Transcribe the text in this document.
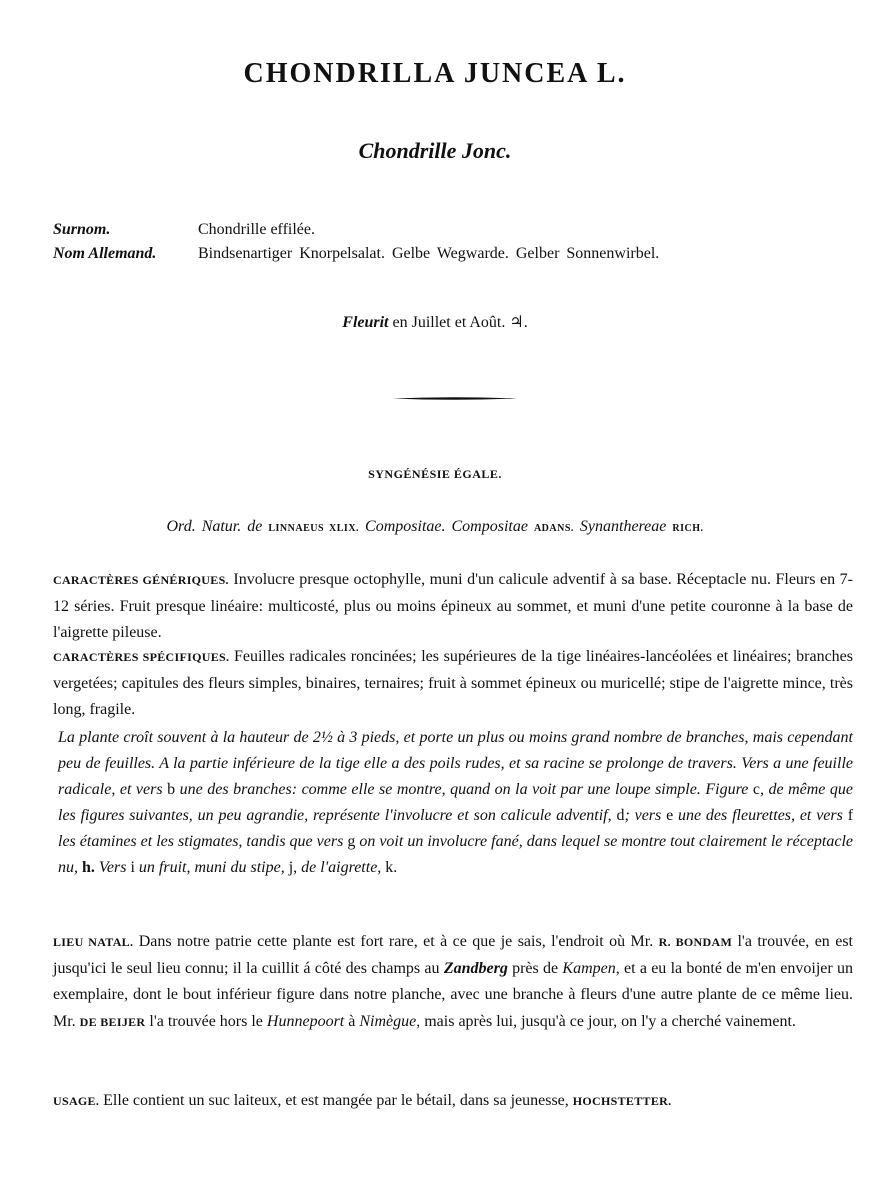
CHONDRILLA JUNCEA L.
Chondrille Jonc.
Surnom.	Chondrille effilée.
Nom Allemand.	Bindsenartiger Knorpelsalat. Gelbe Wegwarde. Gelber Sonnenwirbel.
Fleurit en Juillet et Août. ♃.
SYNGÉNÉSIE ÉGALE.
Ord. Natur. de LINNAEUS XLIX. Compositae. Compositae ADANS. Synanthereae RICH.
CARACTÈRES GÉNÉRIQUES. Involucre presque octophylle, muni d'un calicule adventif à sa base. Réceptacle nu. Fleurs en 7-12 séries. Fruit presque linéaire: multicosté, plus ou moins épineux au sommet, et muni d'une petite couronne à la base de l'aigrette pileuse.
CARACTÈRES SPÉCIFIQUES. Feuilles radicales roncinées; les supérieures de la tige linéaires-lancéolées et linéaires; branches vergetées; capitules des fleurs simples, binaires, ternaires; fruit à sommet épineux ou muricellé; stipe de l'aigrette mince, très long, fragile.
La plante croît souvent à la hauteur de 2½ à 3 pieds, et porte un plus ou moins grand nombre de branches, mais cependant peu de feuilles. A la partie inférieure de la tige elle a des poils rudes, et sa racine se prolonge de travers. Vers a une feuille radicale, et vers b une des branches: comme elle se montre, quand on la voit par une loupe simple. Figure c, de même que les figures suivantes, un peu agrandie, représente l'involucre et son calicule adventif, d; vers e une des fleurettes, et vers f les étamines et les stigmates, tandis que vers g on voit un involucre fané, dans lequel se montre tout clairement le réceptacle nu, h. Vers i un fruit, muni du stipe, j, de l'aigrette, k.
LIEU NATAL. Dans notre patrie cette plante est fort rare, et à ce que je sais, l'endroit où Mr. R. BONDAM l'a trouvée, en est jusqu'ici le seul lieu connu; il la cuillit á côté des champs au Zandberg près de Kampen, et a eu la bonté de m'en envoijer un exemplaire, dont le bout inférieur figure dans notre planche, avec une branche à fleurs d'une autre plante de ce même lieu. Mr. DE BEIJER l'a trouvée hors le Hunnepoort à Nimègue, mais après lui, jusqu'à ce jour, on l'y a cherché vainement.
USAGE. Elle contient un suc laiteux, et est mangée par le bétail, dans sa jeunesse, HOCHSTETTER.
